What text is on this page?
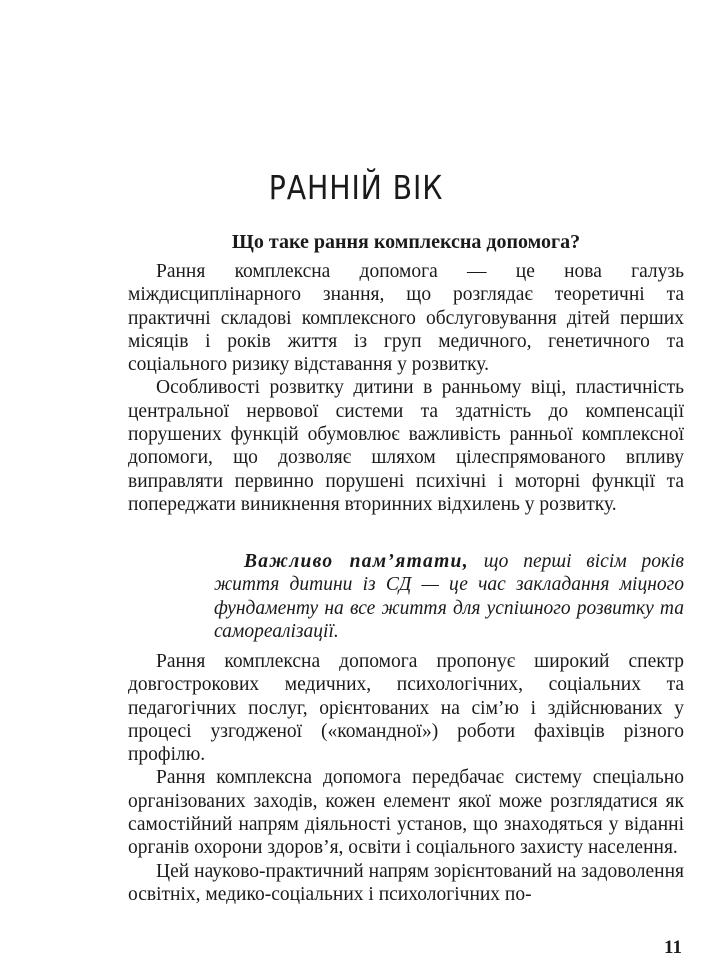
РАННІЙ ВІК
Що таке рання комплексна допомога?

Рання комплексна допомога — це нова галузь міждисциплінарного знання, що розглядає теоретичні та практичні складові комплексного обслуговування дітей перших місяців і років життя із груп медичного, генетичного та соціального ризику відставання у розвитку.

Особливості розвитку дитини в ранньому віці, пластичність центральної нервової системи та здатність до компенсації порушених функцій обумовлює важливість ранньої комплексної допомоги, що дозволяє шляхом цілеспрямованого впливу виправляти первинно порушені психічні і моторні функції та попереджати виникнення вторинних відхилень у розвитку.

Важливо пам’ятати, що перші вісім років життя дитини із СД — це час закладання міцного фундаменту на все життя для успішного розвитку та самореалізації.

Рання комплексна допомога пропонує широкий спектр довгострокових медичних, психологічних, соціальних та педагогічних послуг, орієнтованих на сім’ю і здійснюваних у процесі узгодженої («командної») роботи фахівців різного профілю.

Рання комплексна допомога передбачає систему спеціально організованих заходів, кожен елемент якої може розглядатися як самостійний напрям діяльності установ, що знаходяться у віданні органів охорони здоров’я, освіти і соціального захисту населення.

Цей науково-практичний напрям зорієнтований на задоволення освітніх, медико-соціальних і психологічних по-

11
